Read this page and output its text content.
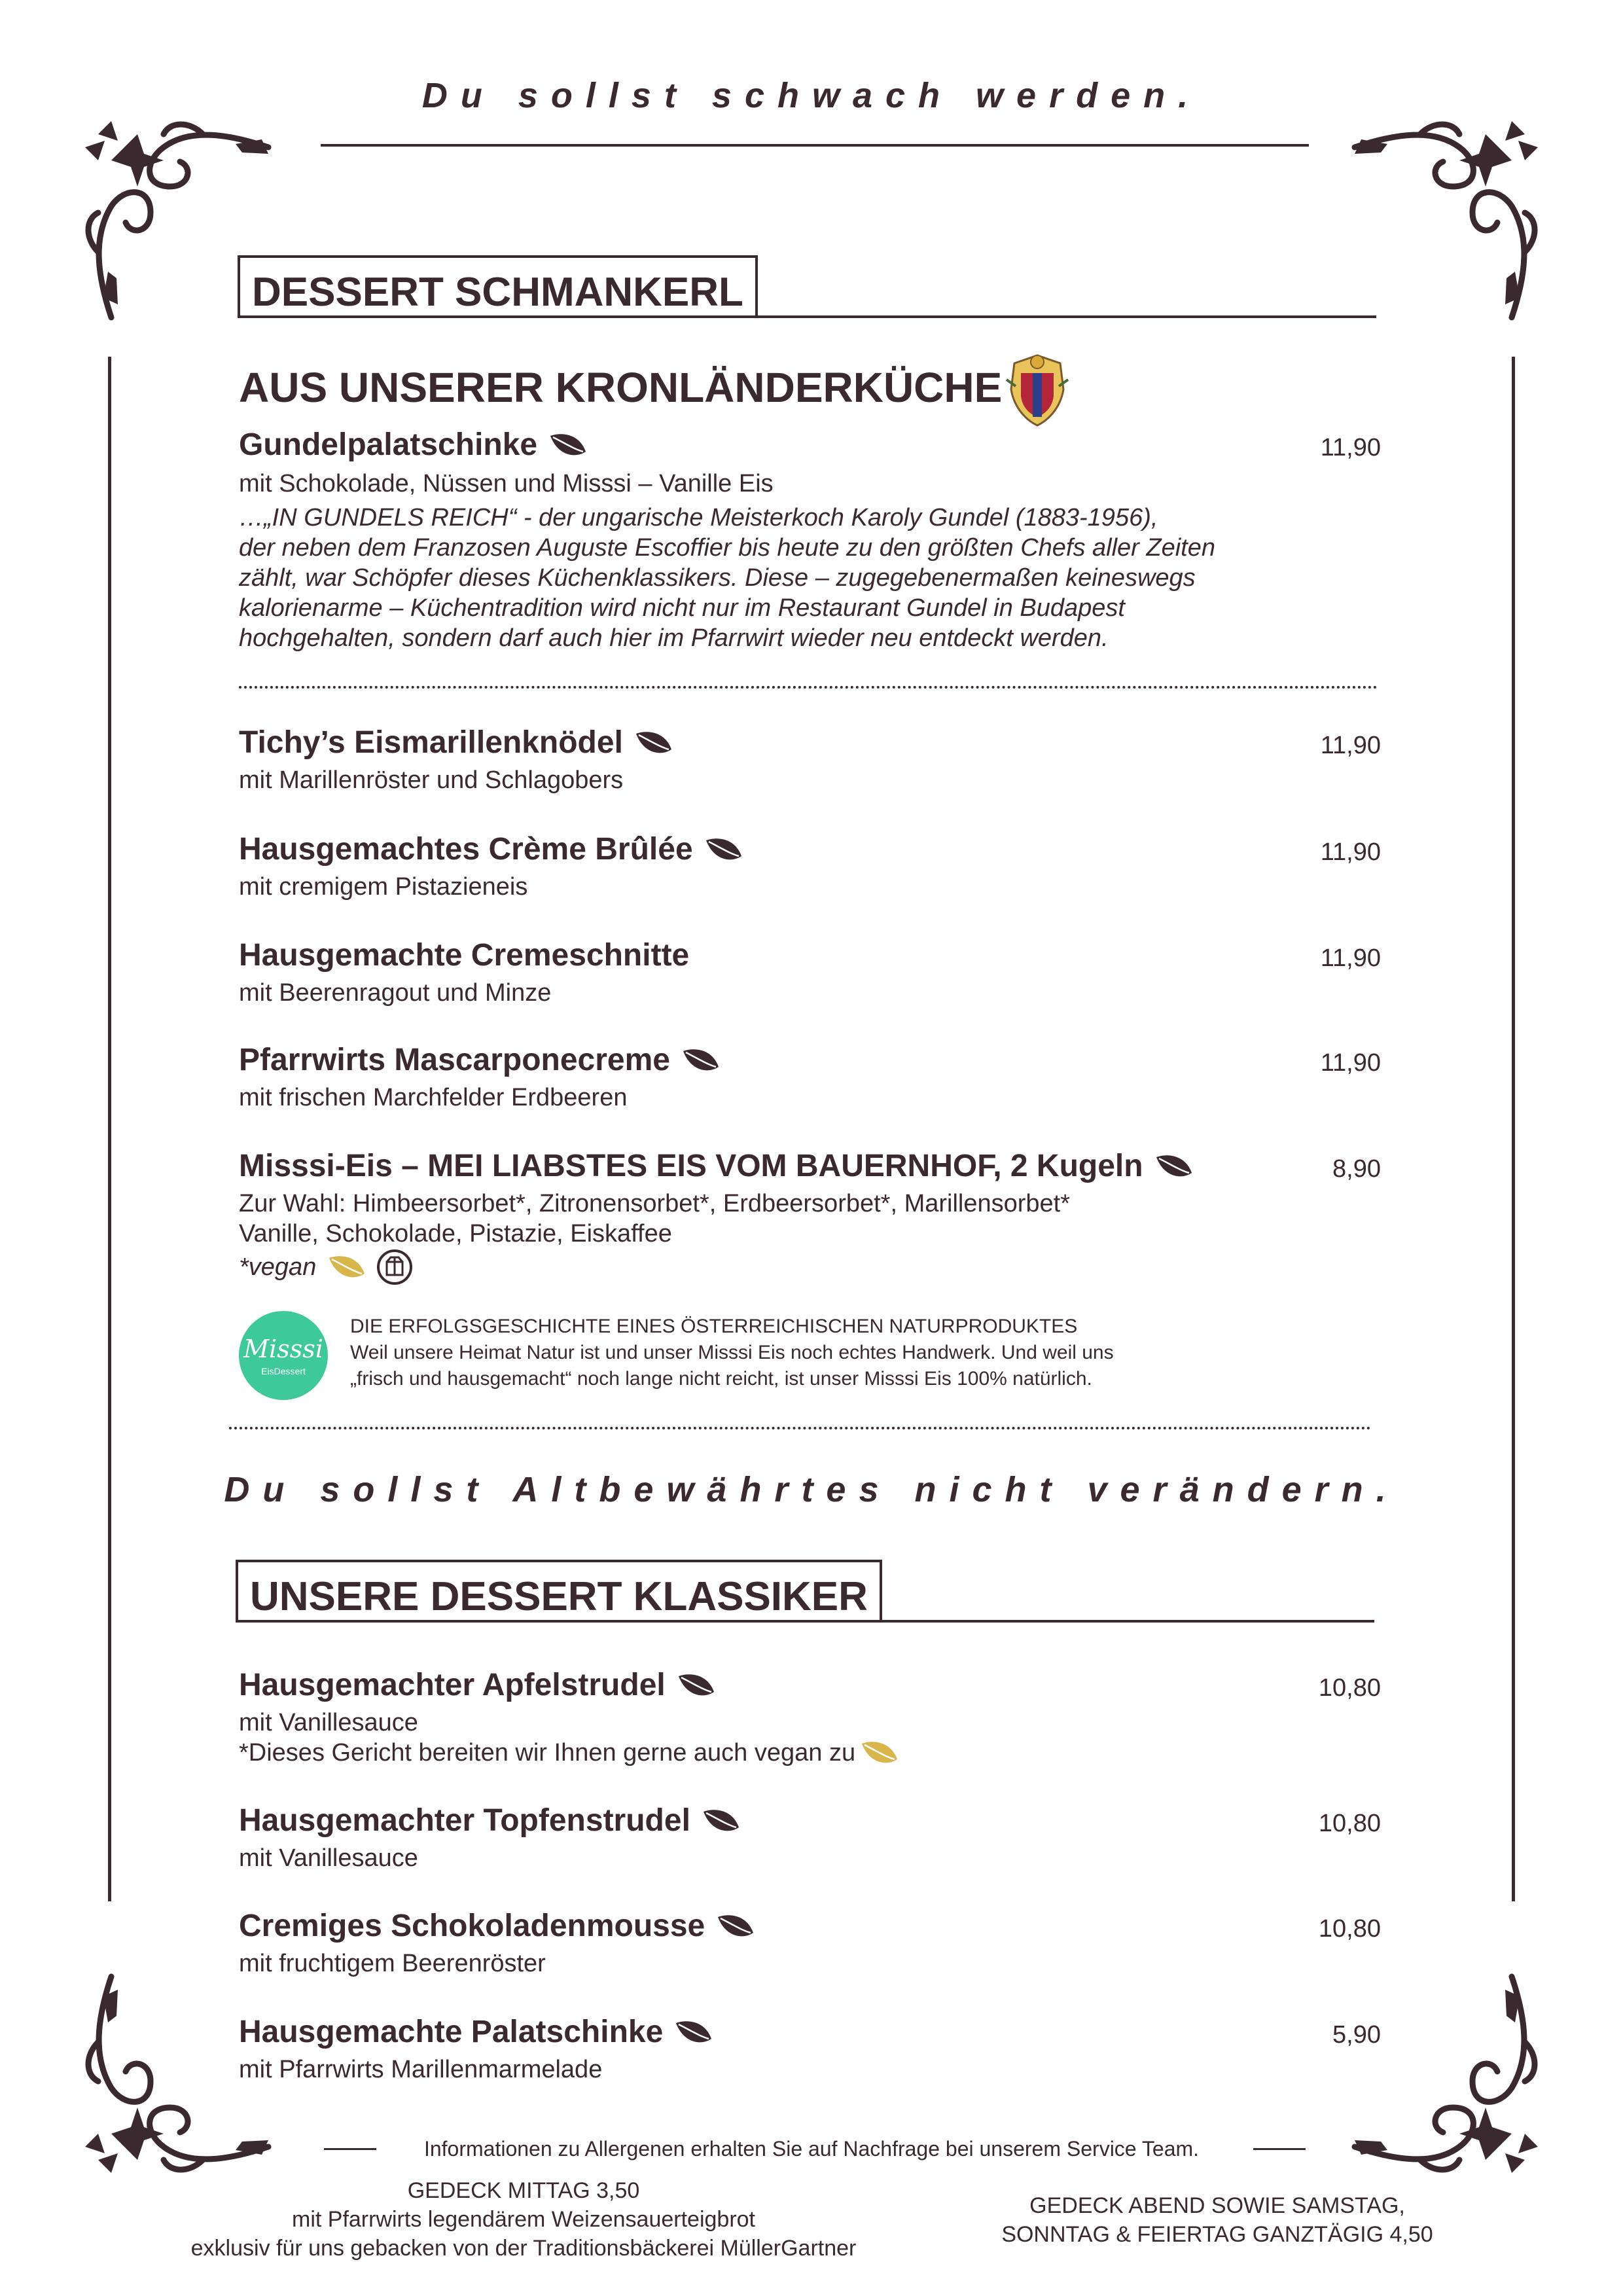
Du sollst schwach werden.
DESSERT SCHMANKERL
AUS UNSERER KRONLÄNDERKÜCHE
Gundelpalatschinke	11,90
mit Schokolade, Nüssen und Misssi – Vanille Eis
…„IN GUNDELS REICH“ - der ungarische Meisterkoch Karoly Gundel (1883-1956),
der neben dem Franzosen Auguste Escoffier bis heute zu den größten Chefs aller Zeiten
zählt, war Schöpfer dieses Küchenklassikers. Diese – zugegebenermaßen keineswegs
kalorienarme – Küchentradition wird nicht nur im Restaurant Gundel in Budapest
hochgehalten, sondern darf auch hier im Pfarrwirt wieder neu entdeckt werden.
Tichy’s Eismarillenknödel	11,90
mit Marillenröster und Schlagobers
Hausgemachtes Crème Brûlée	11,90
mit cremigem Pistazieneis
Hausgemachte Cremeschnitte	11,90
mit Beerenragout und Minze
Pfarrwirts Mascarponecreme	11,90
mit frischen Marchfelder Erdbeeren
Misssi-Eis – MEI LIABSTES EIS VOM BAUERNHOF, 2 Kugeln	8,90
Zur Wahl: Himbeersorbet*, Zitronensorbet*, Erdbeersorbet*, Marillensorbet*
Vanille, Schokolade, Pistazie, Eiskaffee
*vegan
Misssi
EisDessert
DIE ERFOLGSGESCHICHTE EINES ÖSTERREICHISCHEN NATURPRODUKTES
Weil unsere Heimat Natur ist und unser Misssi Eis noch echtes Handwerk. Und weil uns
„frisch und hausgemacht“ noch lange nicht reicht, ist unser Misssi Eis 100% natürlich.
Du sollst Altbewährtes nicht verändern.
UNSERE DESSERT KLASSIKER
Hausgemachter Apfelstrudel	10,80
mit Vanillesauce
*Dieses Gericht bereiten wir Ihnen gerne auch vegan zu
Hausgemachter Topfenstrudel	10,80
mit Vanillesauce
Cremiges Schokoladenmousse	10,80
mit fruchtigem Beerenröster
Hausgemachte Palatschinke	5,90
mit Pfarrwirts Marillenmarmelade
Informationen zu Allergenen erhalten Sie auf Nachfrage bei unserem Service Team.
GEDECK MITTAG 3,50
mit Pfarrwirts legendärem Weizensauerteigbrot
exklusiv für uns gebacken von der Traditionsbäckerei MüllerGartner
GEDECK ABEND SOWIE SAMSTAG,
SONNTAG & FEIERTAG GANZTÄGIG 4,50
